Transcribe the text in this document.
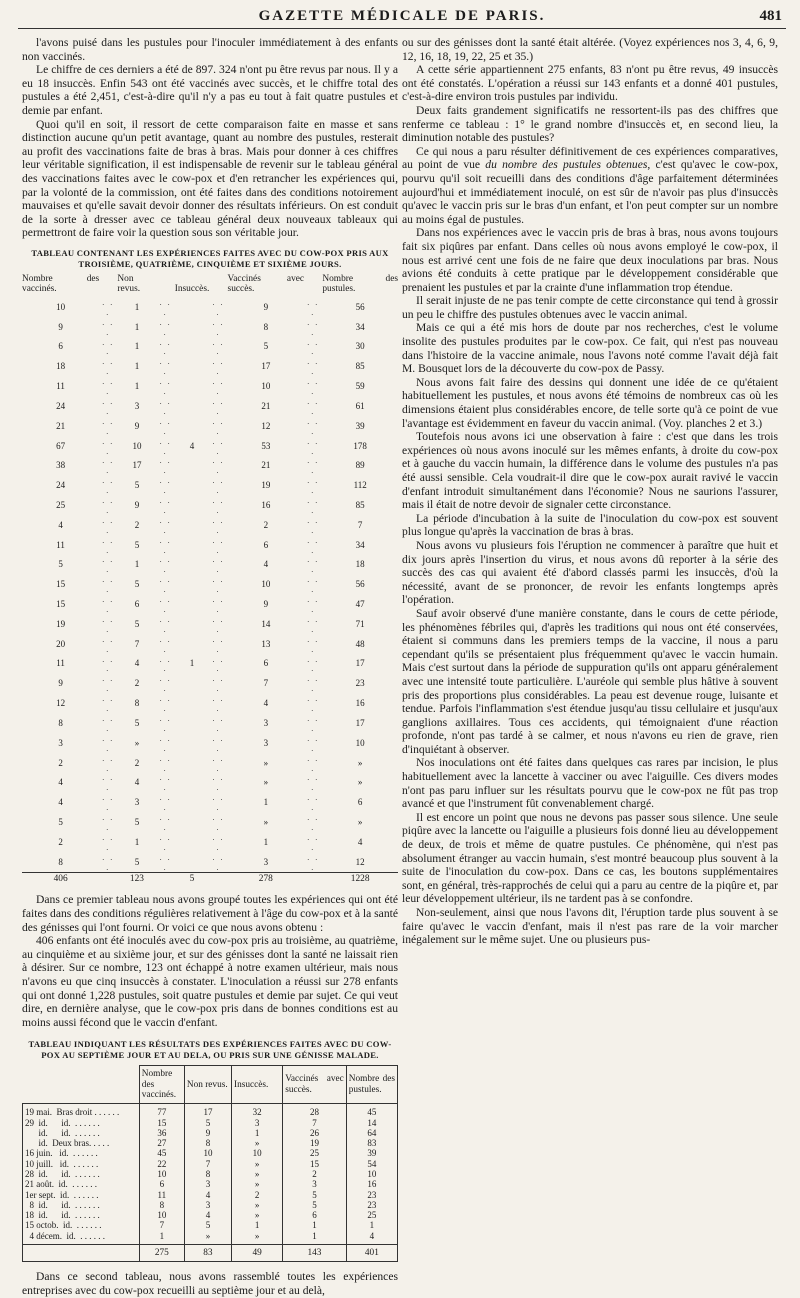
GAZETTE MÉDICALE DE PARIS.	481

l'avons puisé dans les pustules pour l'inoculer immédiatement à des enfants non vaccinés.

Le chiffre de ces derniers a été de 897. 324 n'ont pu être revus par nous. Il y a eu 18 insuccès. Enfin 543 ont été vaccinés avec succès, et le chiffre total des pustules a été 2,451, c'est-à-dire qu'il n'y a pas eu tout à fait quatre pustules et demie par enfant.

Quoi qu'il en soit, il ressort de cette comparaison faite en masse et sans distinction aucune qu'un petit avantage, quant au nombre des pustules, resterait au profit des vaccinations faite de bras à bras. Mais pour donner à ces chiffres leur véritable signification, il est indispensable de revenir sur le tableau général des vaccinations faites avec le cow-pox et d'en retrancher les expériences qui, par la volonté de la commission, ont été faites dans des conditions notoirement mauvaises et qu'elle savait devoir donner des résultats inférieurs. On est conduit de la sorte à dresser avec ce tableau général deux nouveaux tableaux qui permettront de faire voir la question sous son véritable jour.

TABLEAU CONTENANT LES EXPÉRIENCES FAITES AVEC DU COW-POX PRIS AUX TROISIÈME, QUATRIÈME, CINQUIÈME ET SIXIÈME JOURS.
Nombre des vaccinés.		Non revus.		Insuccès.		Vaccinés avec succès.		Nombre des pustules.
10	. . .	1	. . .		. . .	9	. . .	56
9	. . .	1	. . .		. . .	8	. . .	34
6	. . .	1	. . .		. . .	5	. . .	30
18	. . .	1	. . .		. . .	17	. . .	85
11	. . .	1	. . .		. . .	10	. . .	59
24	. . .	3	. . .		. . .	21	. . .	61
21	. . .	9	. . .		. . .	12	. . .	39
67	. . .	10	. . .	4	. . .	53	. . .	178
38	. . .	17	. . .		. . .	21	. . .	89
24	. . .	5	. . .		. . .	19	. . .	112
25	. . .	9	. . .		. . .	16	. . .	85
4	. . .	2	. . .		. . .	2	. . .	7
11	. . .	5	. . .		. . .	6	. . .	34
5	. . .	1	. . .		. . .	4	. . .	18
15	. . .	5	. . .		. . .	10	. . .	56
15	. . .	6	. . .		. . .	9	. . .	47
19	. . .	5	. . .		. . .	14	. . .	71
20	. . .	7	. . .		. . .	13	. . .	48
11	. . .	4	. . .	1	. . .	6	. . .	17
9	. . .	2	. . .		. . .	7	. . .	23
12	. . .	8	. . .		. . .	4	. . .	16
8	. . .	5	. . .		. . .	3	. . .	17
3	. . .	»	. . .		. . .	3	. . .	10
2	. . .	2	. . .		. . .	»	. . .	»
4	. . .	4	. . .		. . .	»	. . .	»
4	. . .	3	. . .		. . .	1	. . .	6
5	. . .	5	. . .		. . .	»	. . .	»
2	. . .	1	. . .		. . .	1	. . .	4
8	. . .	5	. . .		. . .	3	. . .	12
406		123		5		278		1228

Dans ce premier tableau nous avons groupé toutes les expériences qui ont été faites dans des conditions régulières relativement à l'âge du cow-pox et à la santé des génisses qui l'ont fourni. Or voici ce que nous avons obtenu :

406 enfants ont été inoculés avec du cow-pox pris au troisième, au quatrième, au cinquième et au sixième jour, et sur des génisses dont la santé ne laissait rien à désirer. Sur ce nombre, 123 ont échappé à notre examen ultérieur, mais nous n'avons eu que cinq insuccès à constater. L'inoculation a réussi sur 278 enfants qui ont donné 1,228 pustules, soit quatre pustules et demie par sujet. Ce qui veut dire, en dernière analyse, que le cow-pox pris dans de bonnes conditions est au moins aussi fécond que le vaccin d'enfant.

TABLEAU INDIQUANT LES RÉSULTATS DES EXPÉRIENCES FAITES AVEC DU COW-POX AU SEPTIÈME JOUR ET AU DELA, OU PRIS SUR UNE GÉNISSE MALADE.
	Nombre des vaccinés.	Non revus.	Insuccès.	Vaccinés avec succès.	Nombre des pustules.
19 mai.  Bras droit . . . . . .	77	17	32	28	45
29  id.      id.  . . . . . .	15	5	3	7	14
id.      id.  . . . . . .	36	9	1	26	64
id.  Deux bras. . . . .	27	8	»	19	83
16 juin.   id.  . . . . . .	45	10	10	25	39
10 juill.   id.  . . . . . .	22	7	»	15	54
28  id.      id.  . . . . . .	10	8	»	2	10
21 août.  id.  . . . . . .	6	3	»	3	16
1er sept.  id.  . . . . . .	11	4	2	5	23
8  id.      id.  . . . . . .	8	3	»	5	23
18  id.      id.  . . . . . .	10	4	»	6	25
15 octob.  id.  . . . . . .	7	5	1	1	1
4 décem.  id.  . . . . . .	1	»	»	1	4
	275	83	49	143	401

Dans ce second tableau, nous avons rassemblé toutes les expériences entreprises avec du cow-pox recueilli au septième jour et au delà,

ou sur des génisses dont la santé était altérée. (Voyez expériences nos 3, 4, 6, 9, 12, 16, 18, 19, 22, 25 et 35.)

A cette série appartiennent 275 enfants, 83 n'ont pu être revus, 49 insuccès ont été constatés. L'opération a réussi sur 143 enfants et a donné 401 pustules, c'est-à-dire environ trois pustules par individu.

Deux faits grandement significatifs ne ressortent-ils pas des chiffres que renferme ce tableau : 1° le grand nombre d'insuccès et, en second lieu, la diminution notable des pustules?

Ce qui nous a paru résulter définitivement de ces expériences comparatives, au point de vue du nombre des pustules obtenues, c'est qu'avec le cow-pox, pourvu qu'il soit recueilli dans des conditions d'âge parfaitement déterminées aujourd'hui et immédiatement inoculé, on est sûr de n'avoir pas plus d'insuccès qu'avec le vaccin pris sur le bras d'un enfant, et l'on peut compter sur un nombre au moins égal de pustules.

Dans nos expériences avec le vaccin pris de bras à bras, nous avons toujours fait six piqûres par enfant. Dans celles où nous avons employé le cow-pox, il nous est arrivé cent une fois de ne faire que deux inoculations par bras. Nous avions été conduits à cette pratique par le développement considérable que prenaient les pustules et par la crainte d'une inflammation trop étendue.

Il serait injuste de ne pas tenir compte de cette circonstance qui tend à grossir un peu le chiffre des pustules obtenues avec le vaccin animal.

Mais ce qui a été mis hors de doute par nos recherches, c'est le volume insolite des pustules produites par le cow-pox. Ce fait, qui n'est pas nouveau dans l'histoire de la vaccine animale, nous l'avons noté comme l'avait déjà fait M. Bousquet lors de la découverte du cow-pox de Passy.

Nous avons fait faire des dessins qui donnent une idée de ce qu'étaient habituellement les pustules, et nous avons été témoins de nombreux cas où les dimensions étaient plus considérables encore, de telle sorte qu'à ce point de vue l'avantage est évidemment en faveur du vaccin animal. (Voy. planches 2 et 3.)

Toutefois nous avons ici une observation à faire : c'est que dans les trois expériences où nous avons inoculé sur les mêmes enfants, à droite du cow-pox et à gauche du vaccin humain, la différence dans le volume des pustules n'a pas été aussi sensible. Cela voudrait-il dire que le cow-pox aurait ravivé le vaccin d'enfant introduit simultanément dans l'économie? Nous ne saurions l'assurer, mais il était de notre devoir de signaler cette circonstance.

La période d'incubation à la suite de l'inoculation du cow-pox est souvent plus longue qu'après la vaccination de bras à bras.

Nous avons vu plusieurs fois l'éruption ne commencer à paraître que huit et dix jours après l'insertion du virus, et nous avons dû reporter à la série des succès des cas qui avaient été d'abord classés parmi les insuccès, d'où la nécessité, avant de se prononcer, de revoir les enfants longtemps après l'opération.

Sauf avoir observé d'une manière constante, dans le cours de cette période, les phénomènes fébriles qui, d'après les traditions qui nous ont été conservées, étaient si communs dans les premiers temps de la vaccine, il nous a paru cependant qu'ils se présentaient plus fréquemment qu'avec le vaccin humain. Mais c'est surtout dans la période de suppuration qu'ils ont apparu généralement avec une intensité toute particulière. L'auréole qui semble plus hâtive à souvent pris des proportions plus considérables. La peau est devenue rouge, luisante et tendue. Parfois l'inflammation s'est étendue jusqu'au tissu cellulaire et jusqu'aux ganglions axillaires. Tous ces accidents, qui témoignaient d'une réaction profonde, n'ont pas tardé à se calmer, et nous n'avons eu rien de grave, rien d'inquiétant à observer.

Nos inoculations ont été faites dans quelques cas rares par incision, le plus habituellement avec la lancette à vacciner ou avec l'aiguille. Ces divers modes n'ont pas paru influer sur les résultats pourvu que le cow-pox ne fût pas trop avancé et que l'instrument fût convenablement chargé.

Il est encore un point que nous ne devons pas passer sous silence. Une seule piqûre avec la lancette ou l'aiguille a plusieurs fois donné lieu au développement de deux, de trois et même de quatre pustules. Ce phénomène, qui n'est pas absolument étranger au vaccin humain, s'est montré beaucoup plus souvent à la suite de l'inoculation du cow-pox. Dans ce cas, les boutons supplémentaires sont, en général, très-rapprochés de celui qui a paru au centre de la piqûre et, par leur développement ultérieur, ils ne tardent pas à se confondre.

Non-seulement, ainsi que nous l'avons dit, l'éruption tarde plus souvent à se faire qu'avec le vaccin d'enfant, mais il n'est pas rare de la voir marcher inégalement sur le même sujet. Une ou plusieurs pus-
